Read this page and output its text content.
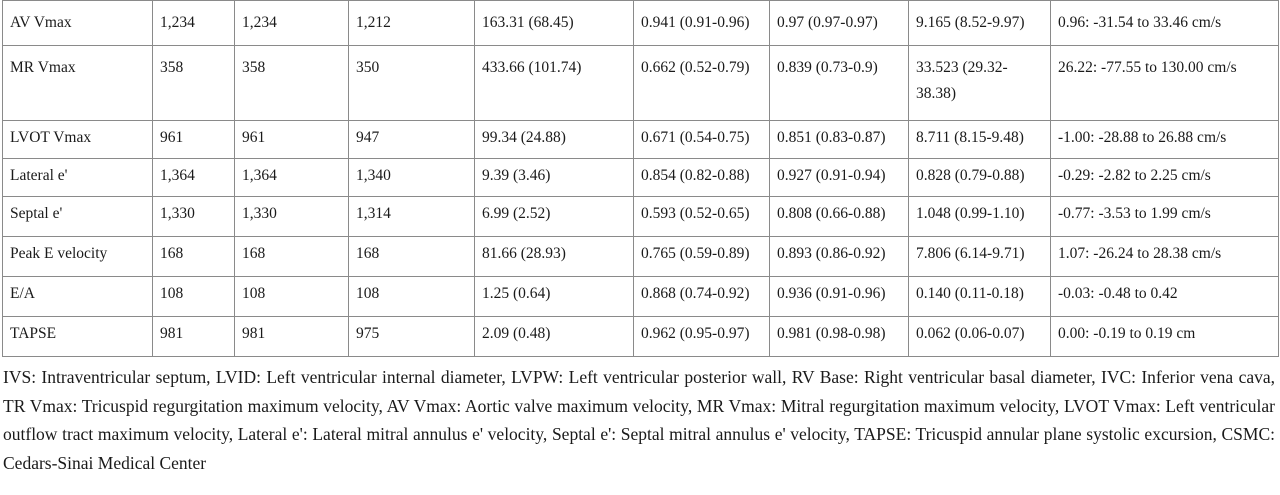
AV Vmax	1,234	1,234	1,212	163.31 (68.45)	0.941 (0.91-0.96)	0.97 (0.97-0.97)	9.165 (8.52-9.97)	0.96: -31.54 to 33.46 cm/s
MR Vmax	358	358	350	433.66 (101.74)	0.662 (0.52-0.79)	0.839 (0.73-0.9)	33.523 (29.32-38.38)	26.22: -77.55 to 130.00 cm/s
LVOT Vmax	961	961	947	99.34 (24.88)	0.671 (0.54-0.75)	0.851 (0.83-0.87)	8.711 (8.15-9.48)	-1.00: -28.88 to 26.88 cm/s
Lateral e'	1,364	1,364	1,340	9.39 (3.46)	0.854 (0.82-0.88)	0.927 (0.91-0.94)	0.828 (0.79-0.88)	-0.29: -2.82 to 2.25 cm/s
Septal e'	1,330	1,330	1,314	6.99 (2.52)	0.593 (0.52-0.65)	0.808 (0.66-0.88)	1.048 (0.99-1.10)	-0.77: -3.53 to 1.99 cm/s
Peak E velocity	168	168	168	81.66 (28.93)	0.765 (0.59-0.89)	0.893 (0.86-0.92)	7.806 (6.14-9.71)	1.07: -26.24 to 28.38 cm/s
E/A	108	108	108	1.25 (0.64)	0.868 (0.74-0.92)	0.936 (0.91-0.96)	0.140 (0.11-0.18)	-0.03: -0.48 to 0.42
TAPSE	981	981	975	2.09 (0.48)	0.962 (0.95-0.97)	0.981 (0.98-0.98)	0.062 (0.06-0.07)	0.00: -0.19 to 0.19 cm

IVS: Intraventricular septum, LVID: Left ventricular internal diameter, LVPW: Left ventricular posterior wall, RV Base: Right ventricular basal diameter, IVC: Inferior vena cava, TR Vmax: Tricuspid regurgitation maximum velocity, AV Vmax: Aortic valve maximum velocity, MR Vmax: Mitral regurgitation maximum velocity, LVOT Vmax: Left ventricular outflow tract maximum velocity, Lateral e': Lateral mitral annulus e' velocity, Septal e': Septal mitral annulus e' velocity, TAPSE: Tricuspid annular plane systolic excursion, CSMC: Cedars-Sinai Medical Center
